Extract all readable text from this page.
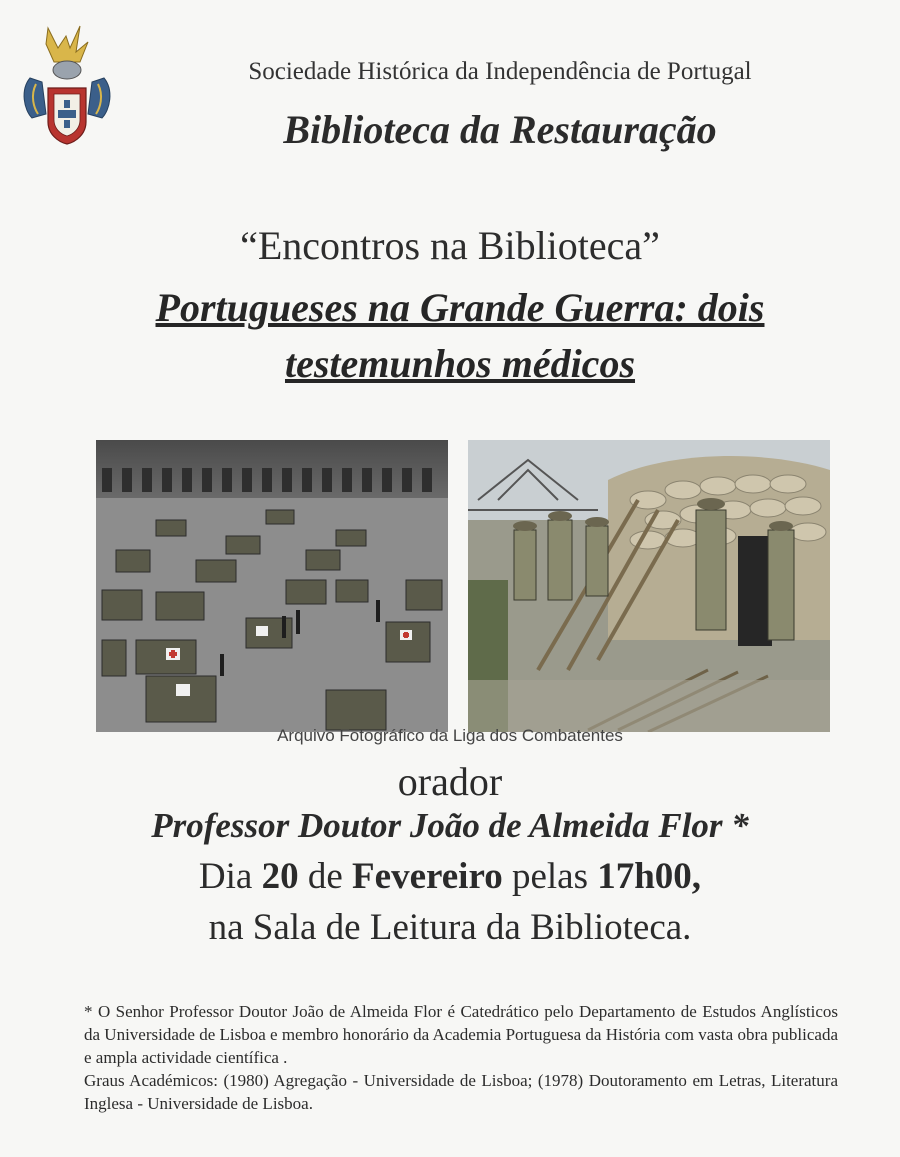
Sociedade Histórica da Independência de Portugal
Biblioteca da Restauração
“Encontros na Biblioteca”
Portugueses na Grande Guerra: dois testemunhos médicos
Arquivo Fotográfico da Liga dos Combatentes
orador
Professor Doutor João de Almeida Flor *
Dia 20 de Fevereiro pelas 17h00,
na Sala de Leitura da Biblioteca.

* O Senhor Professor Doutor João de Almeida Flor é Catedrático pelo Departamento de Estudos Anglísticos da Universidade de Lisboa e membro honorário da Academia Portuguesa da História com vasta obra publicada e ampla actividade científica .

Graus Académicos: (1980) Agregação - Universidade de Lisboa; (1978) Doutoramento em Letras, Literatura Inglesa - Universidade de Lisboa.
